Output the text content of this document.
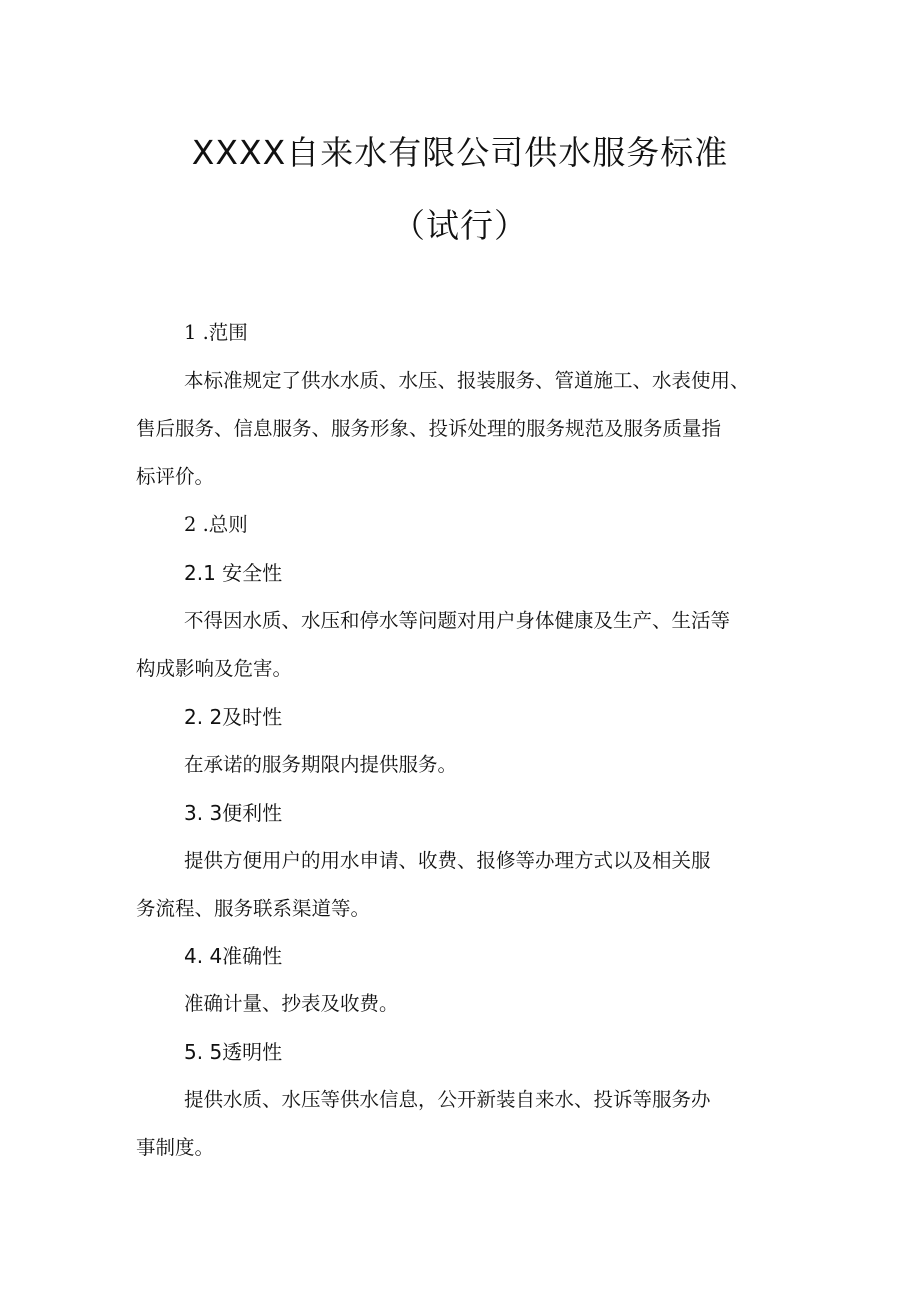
XXXX自来水有限公司供水服务标准
（试行）
1 .范围
本标准规定了供水水质、水压、报装服务、管道施工、水表使用、
售后服务、信息服务、服务形象、投诉处理的服务规范及服务质量指
标评价。
2 .总则
2.1 安全性
不得因水质、水压和停水等问题对用户身体健康及生产、生活等
构成影响及危害。
2. 2及时性
在承诺的服务期限内提供服务。
3. 3便利性
提供方便用户的用水申请、收费、报修等办理方式以及相关服
务流程、服务联系渠道等。
4. 4准确性
准确计量、抄表及收费。
5. 5透明性
提供水质、水压等供水信息，公开新装自来水、投诉等服务办
事制度。
